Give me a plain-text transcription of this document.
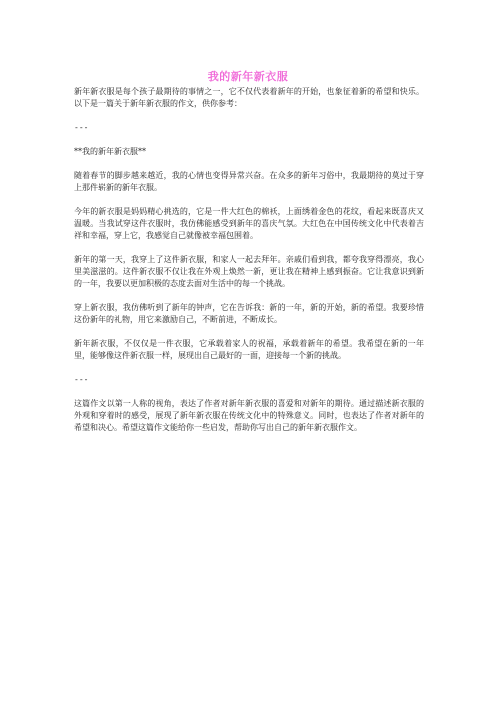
我的新年新衣服

新年新衣服是每个孩子最期待的事情之一，它不仅代表着新年的开始，也象征着新的希望和快乐。以下是一篇关于新年新衣服的作文，供你参考：

---

**我的新年新衣服**

随着春节的脚步越来越近，我的心情也变得异常兴奋。在众多的新年习俗中，我最期待的莫过于穿上那件崭新的新年衣服。

今年的新衣服是妈妈精心挑选的，它是一件大红色的棉袄，上面绣着金色的花纹，看起来既喜庆又温暖。当我试穿这件衣服时，我仿佛能感受到新年的喜庆气氛。大红色在中国传统文化中代表着吉祥和幸福，穿上它，我感觉自己就像被幸福包围着。

新年的第一天，我穿上了这件新衣服，和家人一起去拜年。亲戚们看到我，都夸我穿得漂亮，我心里美滋滋的。这件新衣服不仅让我在外观上焕然一新，更让我在精神上感到振奋。它让我意识到新的一年，我要以更加积极的态度去面对生活中的每一个挑战。

穿上新衣服，我仿佛听到了新年的钟声，它在告诉我：新的一年，新的开始，新的希望。我要珍惜这份新年的礼物，用它来激励自己，不断前进，不断成长。

新年新衣服，不仅仅是一件衣服，它承载着家人的祝福，承载着新年的希望。我希望在新的一年里，能够像这件新衣服一样，展现出自己最好的一面，迎接每一个新的挑战。

---

这篇作文以第一人称的视角，表达了作者对新年新衣服的喜爱和对新年的期待。通过描述新衣服的外观和穿着时的感受，展现了新年新衣服在传统文化中的特殊意义。同时，也表达了作者对新年的希望和决心。希望这篇作文能给你一些启发，帮助你写出自己的新年新衣服作文。
